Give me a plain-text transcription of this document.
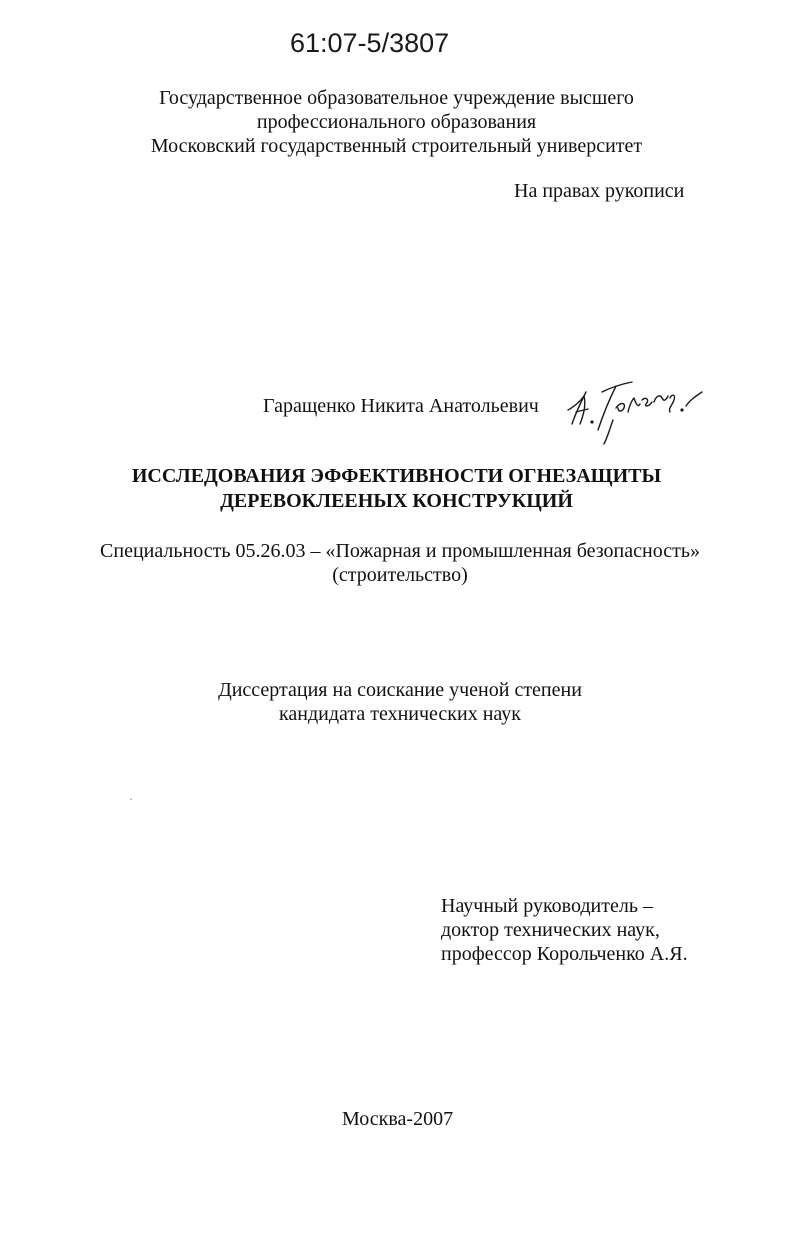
61:07-5/3807
Государственное образовательное учреждение высшего
профессионального образования
Московский государственный строительный университет
На правах рукописи
Гаращенко Никита Анатольевич
ИССЛЕДОВАНИЯ ЭФФЕКТИВНОСТИ ОГНЕЗАЩИТЫ
ДЕРЕВОКЛЕЕНЫХ КОНСТРУКЦИЙ
Специальность 05.26.03 – «Пожарная и промышленная безопасность»
(строительство)
Диссертация на соискание ученой степени
кандидата технических наук
Научный руководитель –
доктор технических наук,
профессор Корольченко А.Я.
Москва-2007
